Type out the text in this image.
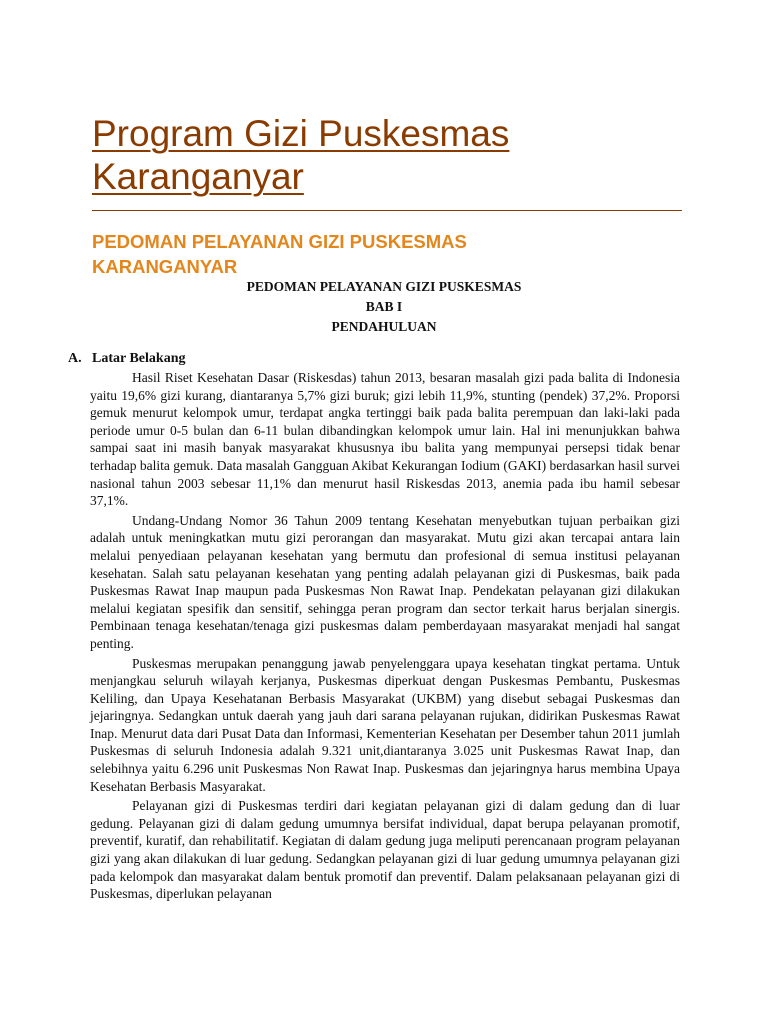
Program Gizi Puskesmas Karanganyar
PEDOMAN PELAYANAN GIZI PUSKESMAS KARANGANYAR
PEDOMAN PELAYANAN GIZI PUSKESMAS
BAB I
PENDAHULUAN
A. Latar Belakang

Hasil Riset Kesehatan Dasar (Riskesdas) tahun 2013, besaran masalah gizi pada balita di Indonesia yaitu 19,6% gizi kurang, diantaranya 5,7% gizi buruk; gizi lebih 11,9%, stunting (pendek) 37,2%. Proporsi gemuk menurut kelompok umur, terdapat angka tertinggi baik pada balita perempuan dan laki-laki pada periode umur 0-5 bulan dan 6-11 bulan dibandingkan kelompok umur lain. Hal ini menunjukkan bahwa sampai saat ini masih banyak masyarakat khususnya ibu balita yang mempunyai persepsi tidak benar terhadap balita gemuk. Data masalah Gangguan Akibat Kekurangan Iodium (GAKI) berdasarkan hasil survei nasional tahun 2003 sebesar 11,1% dan menurut hasil Riskesdas 2013, anemia pada ibu hamil sebesar 37,1%.

Undang-Undang Nomor 36 Tahun 2009 tentang Kesehatan menyebutkan tujuan perbaikan gizi adalah untuk meningkatkan mutu gizi perorangan dan masyarakat. Mutu gizi akan tercapai antara lain melalui penyediaan pelayanan kesehatan yang bermutu dan profesional di semua institusi pelayanan kesehatan. Salah satu pelayanan kesehatan yang penting adalah pelayanan gizi di Puskesmas, baik pada Puskesmas Rawat Inap maupun pada Puskesmas Non Rawat Inap. Pendekatan pelayanan gizi dilakukan melalui kegiatan spesifik dan sensitif, sehingga peran program dan sector terkait harus berjalan sinergis. Pembinaan tenaga kesehatan/tenaga gizi puskesmas dalam pemberdayaan masyarakat menjadi hal sangat penting.

Puskesmas merupakan penanggung jawab penyelenggara upaya kesehatan tingkat pertama. Untuk menjangkau seluruh wilayah kerjanya, Puskesmas diperkuat dengan Puskesmas Pembantu, Puskesmas Keliling, dan Upaya Kesehatanan Berbasis Masyarakat (UKBM) yang disebut sebagai Puskesmas dan jejaringnya. Sedangkan untuk daerah yang jauh dari sarana pelayanan rujukan, didirikan Puskesmas Rawat Inap. Menurut data dari Pusat Data dan Informasi, Kementerian Kesehatan per Desember tahun 2011 jumlah Puskesmas di seluruh Indonesia adalah 9.321 unit,diantaranya 3.025 unit Puskesmas Rawat Inap, dan selebihnya yaitu 6.296 unit Puskesmas Non Rawat Inap. Puskesmas dan jejaringnya harus membina Upaya Kesehatan Berbasis Masyarakat.

Pelayanan gizi di Puskesmas terdiri dari kegiatan pelayanan gizi di dalam gedung dan di luar gedung. Pelayanan gizi di dalam gedung umumnya bersifat individual, dapat berupa pelayanan promotif, preventif, kuratif, dan rehabilitatif. Kegiatan di dalam gedung juga meliputi perencanaan program pelayanan gizi yang akan dilakukan di luar gedung. Sedangkan pelayanan gizi di luar gedung umumnya pelayanan gizi pada kelompok dan masyarakat dalam bentuk promotif dan preventif. Dalam pelaksanaan pelayanan gizi di Puskesmas, diperlukan pelayanan
